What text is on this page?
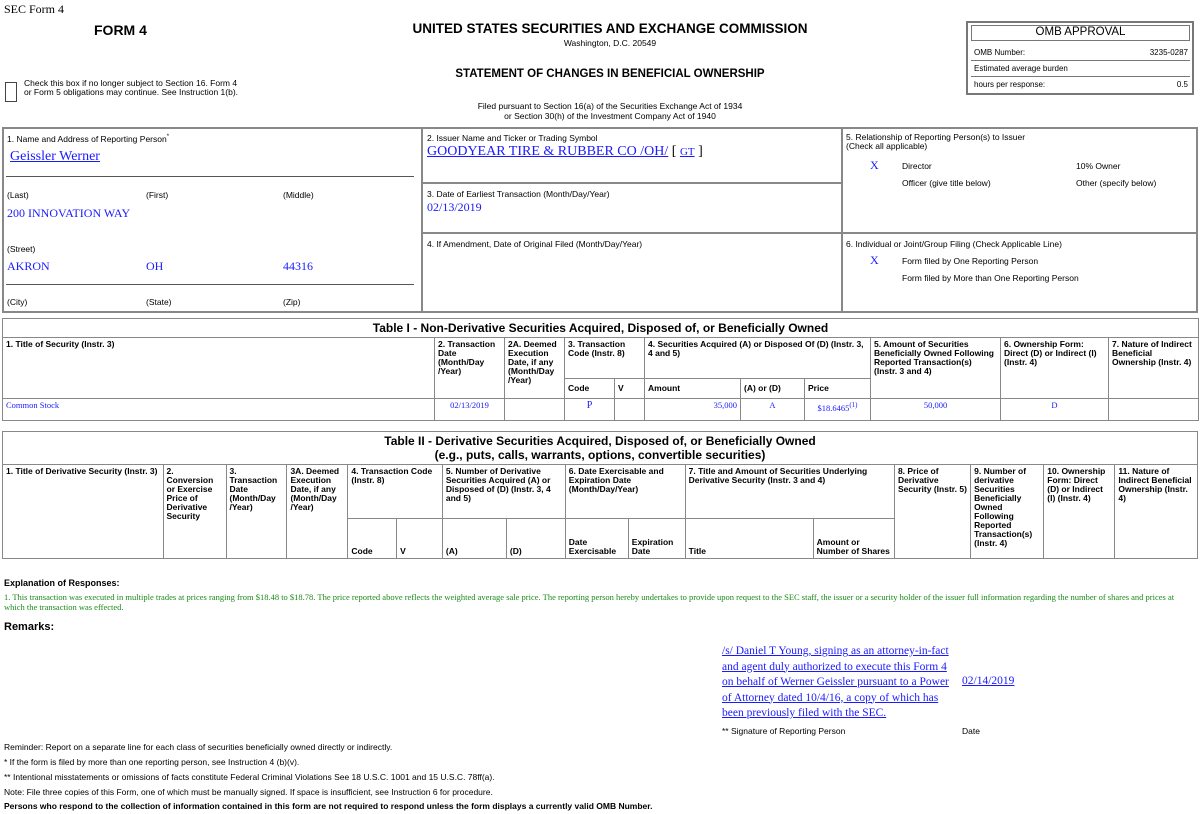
SEC Form 4
FORM 4	UNITED STATES SECURITIES AND EXCHANGE COMMISSION
Washington, D.C. 20549
STATEMENT OF CHANGES IN BENEFICIAL OWNERSHIP
Filed pursuant to Section 16(a) of the Securities Exchange Act of 1934
or Section 30(h) of the Investment Company Act of 1940
Check this box if no longer subject to Section 16. Form 4 or Form 5 obligations may continue. See Instruction 1(b).
OMB APPROVAL
OMB Number:	3235-0287
Estimated average burden
hours per response:	0.5
1. Name and Address of Reporting Person*
Geissler Werner
(Last)	(First)	(Middle)
200 INNOVATION WAY
(Street)
AKRON	OH	44316
(City)	(State)	(Zip)
2. Issuer Name and Ticker or Trading Symbol
GOODYEAR TIRE & RUBBER CO /OH/ [ GT ]
3. Date of Earliest Transaction (Month/Day/Year)
02/13/2019
4. If Amendment, Date of Original Filed (Month/Day/Year)
5. Relationship of Reporting Person(s) to Issuer
(Check all applicable)
X	Director	10% Owner
Officer (give title below)	Other (specify below)
6. Individual or Joint/Group Filing (Check Applicable Line)
X	Form filed by One Reporting Person
Form filed by More than One Reporting Person
Table I - Non-Derivative Securities Acquired, Disposed of, or Beneficially Owned										
1. Title of Security (Instr. 3)	2. Transaction Date (Month/Day /Year)	2A. Deemed Execution Date, if any (Month/Day /Year)	3. Transaction Code (Instr. 8)		4. Securities Acquired (A) or Disposed Of (D) (Instr. 3, 4 and 5)			5. Amount of Securities Beneficially Owned Following Reported Transaction(s) (Instr. 3 and 4)	6. Ownership Form: Direct (D) or Indirect (I) (Instr. 4)	7. Nature of Indirect Beneficial Ownership (Instr. 4)
			Code	V	Amount	(A) or (D)	Price			
Common Stock	02/13/2019		P		35,000	A	$18.6465$^{(1)}$	50,000	D	
Table II - Derivative Securities Acquired, Disposed of, or Beneficially Owned
(e.g., puts, calls, warrants, options, convertible securities)															
1. Title of Derivative Security (Instr. 3)	2. Conversion or Exercise Price of Derivative Security	3. Transaction Date (Month/Day /Year)	3A. Deemed Execution Date, if any (Month/Day /Year)	4. Transaction Code (Instr. 8)		5. Number of Derivative Securities Acquired (A) or Disposed of (D) (Instr. 3, 4 and 5)		6. Date Exercisable and Expiration Date (Month/Day/Year)		7. Title and Amount of Securities Underlying Derivative Security (Instr. 3 and 4)		8. Price of Derivative Security (Instr. 5)	9. Number of derivative Securities Beneficially Owned Following Reported Transaction(s) (Instr. 4)	10. Ownership Form: Direct (D) or Indirect (I) (Instr. 4)	11. Nature of Indirect Beneficial Ownership (Instr. 4)
				Code	V	(A)	(D)	Date Exercisable	Expiration Date	Title	Amount or Number of Shares				
Explanation of Responses:
1. This transaction was executed in multiple trades at prices ranging from $18.48 to $18.78. The price reported above reflects the weighted average sale price. The reporting person hereby undertakes to provide upon request to the SEC staff, the issuer or a security holder of the issuer full information regarding the number of shares and prices at which the transaction was effected.
Remarks:
/s/ Daniel T Young, signing as an attorney-in-fact and agent duly authorized to execute this Form 4 on behalf of Werner Geissler pursuant to a Power of Attorney dated 10/4/16, a copy of which has been previously filed with the SEC.
02/14/2019
** Signature of Reporting Person	Date
Reminder: Report on a separate line for each class of securities beneficially owned directly or indirectly.
* If the form is filed by more than one reporting person, see Instruction 4 (b)(v).
** Intentional misstatements or omissions of facts constitute Federal Criminal Violations See 18 U.S.C. 1001 and 15 U.S.C. 78ff(a).
Note: File three copies of this Form, one of which must be manually signed. If space is insufficient, see Instruction 6 for procedure.
Persons who respond to the collection of information contained in this form are not required to respond unless the form displays a currently valid OMB Number.
